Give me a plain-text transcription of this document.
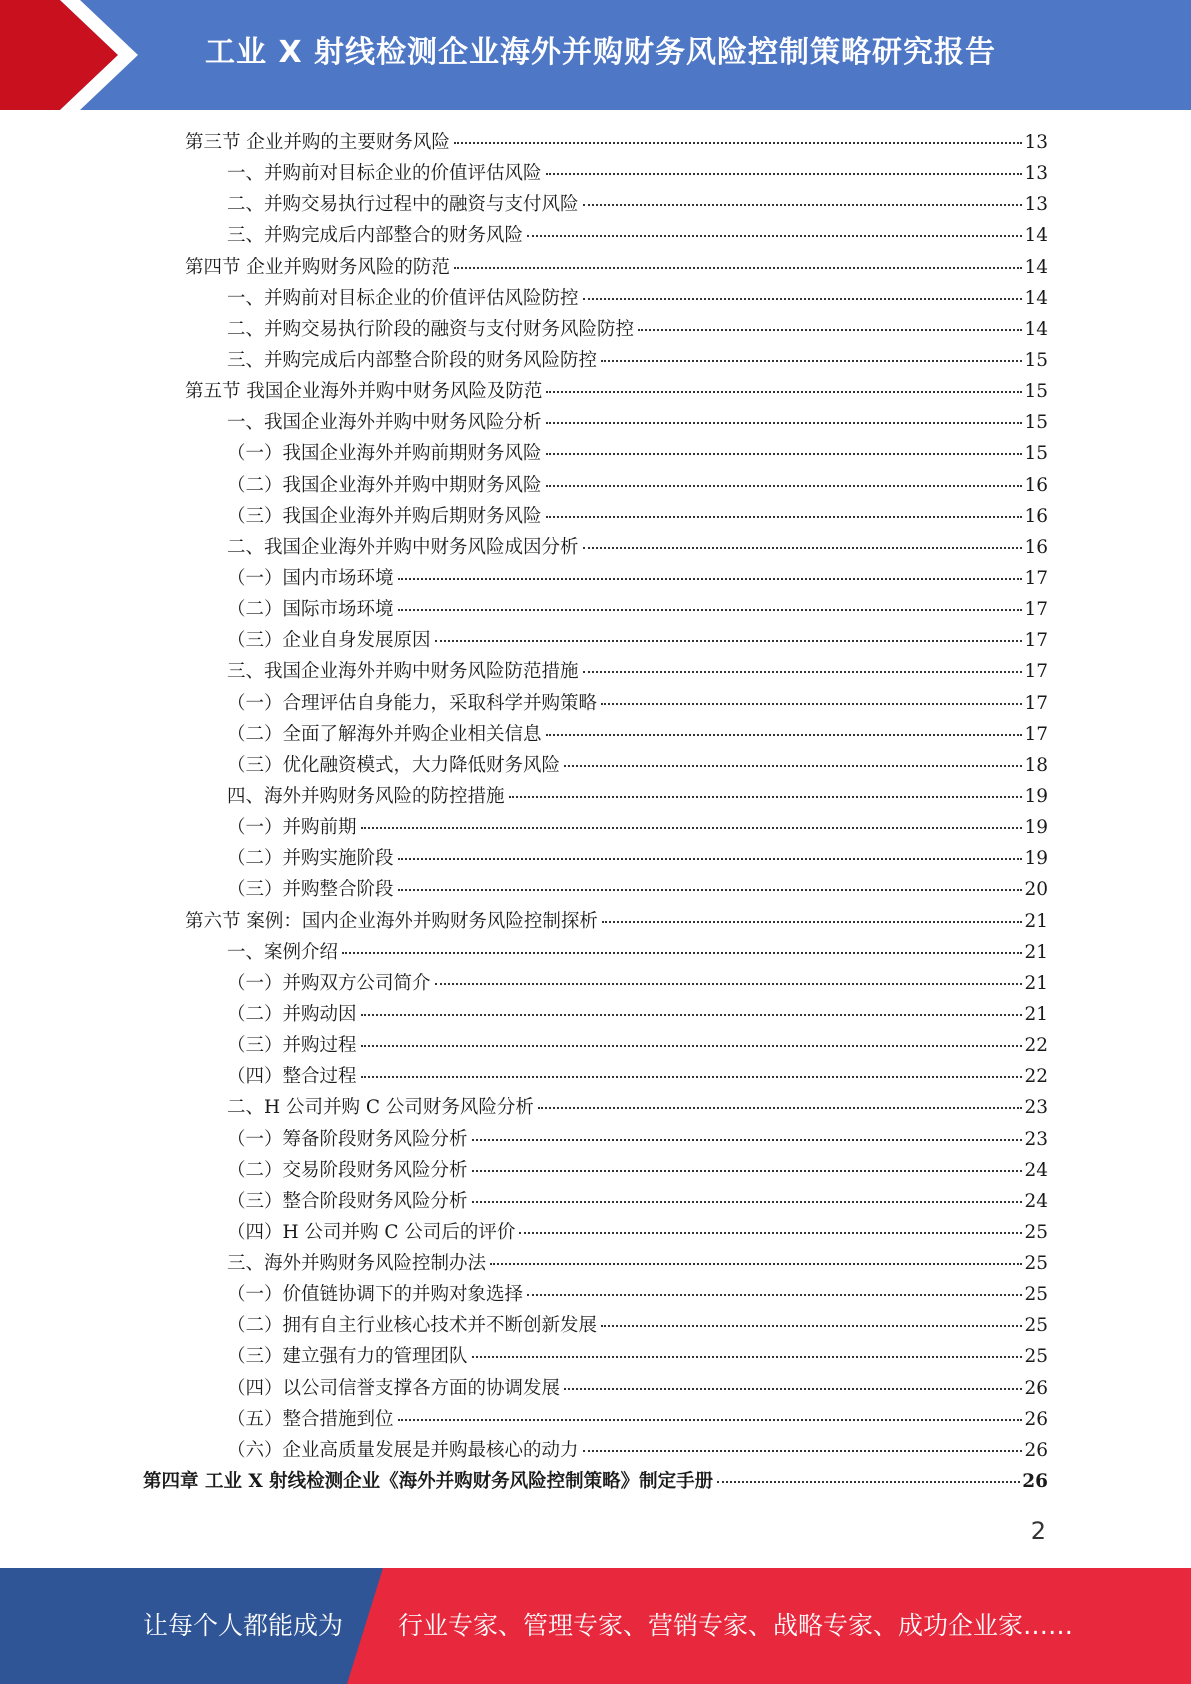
工业 X 射线检测企业海外并购财务风险控制策略研究报告
第三节 企业并购的主要财务风险	13
一、并购前对目标企业的价值评估风险	13
二、并购交易执行过程中的融资与支付风险	13
三、并购完成后内部整合的财务风险	14
第四节 企业并购财务风险的防范	14
一、并购前对目标企业的价值评估风险防控	14
二、并购交易执行阶段的融资与支付财务风险防控	14
三、并购完成后内部整合阶段的财务风险防控	15
第五节 我国企业海外并购中财务风险及防范	15
一、我国企业海外并购中财务风险分析	15
（一）我国企业海外并购前期财务风险	15
（二）我国企业海外并购中期财务风险	16
（三）我国企业海外并购后期财务风险	16
二、我国企业海外并购中财务风险成因分析	16
（一）国内市场环境	17
（二）国际市场环境	17
（三）企业自身发展原因	17
三、我国企业海外并购中财务风险防范措施	17
（一）合理评估自身能力，采取科学并购策略	17
（二）全面了解海外并购企业相关信息	17
（三）优化融资模式，大力降低财务风险	18
四、海外并购财务风险的防控措施	19
（一）并购前期	19
（二）并购实施阶段	19
（三）并购整合阶段	20
第六节 案例：国内企业海外并购财务风险控制探析	21
一、案例介绍	21
（一）并购双方公司简介	21
（二）并购动因	21
（三）并购过程	22
（四）整合过程	22
二、H 公司并购 C 公司财务风险分析	23
（一）筹备阶段财务风险分析	23
（二）交易阶段财务风险分析	24
（三）整合阶段财务风险分析	24
（四）H 公司并购 C 公司后的评价	25
三、海外并购财务风险控制办法	25
（一）价值链协调下的并购对象选择	25
（二）拥有自主行业核心技术并不断创新发展	25
（三）建立强有力的管理团队	25
（四）以公司信誉支撑各方面的协调发展	26
（五）整合措施到位	26
（六）企业高质量发展是并购最核心的动力	26
第四章 工业 X 射线检测企业《海外并购财务风险控制策略》制定手册	26
2
让每个人都能成为 行业专家、管理专家、营销专家、战略专家、成功企业家……
